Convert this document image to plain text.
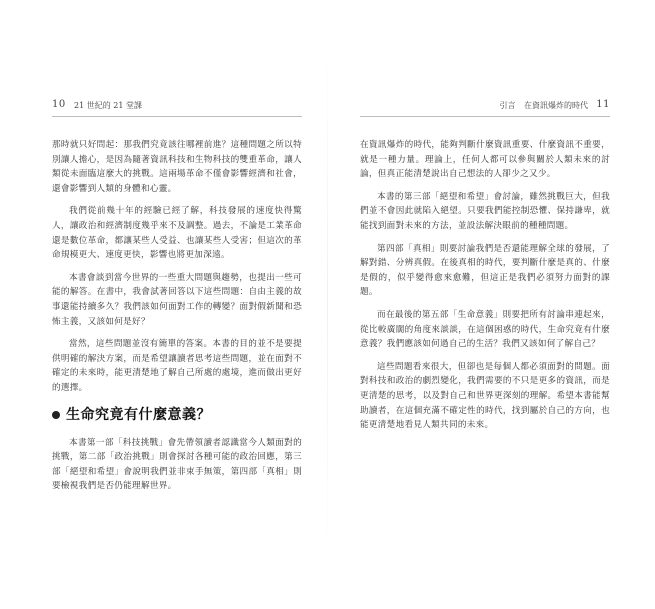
10 21 世紀的 21 堂課

那時就只好問起：那我們究竟該往哪裡前進？這種問題之所以特別讓人擔心，是因為隨著資訊科技和生物科技的雙重革命，讓人類從未面臨這麼大的挑戰。這兩場革命不僅會影響經濟和社會，還會影響到人類的身體和心靈。

我們從前幾十年的經驗已經了解，科技發展的速度快得驚人，讓政治和經濟制度幾乎來不及調整。過去，不論是工業革命還是數位革命，都讓某些人受益、也讓某些人受害；但這次的革命規模更大、速度更快，影響也將更加深遠。

本書會談到當今世界的一些重大問題與趨勢，也提出一些可能的解答。在書中，我會試著回答以下這些問題：自由主義的故事還能持續多久？我們該如何面對工作的轉變？面對假新聞和恐怖主義，又該如何是好？

當然，這些問題並沒有簡單的答案。本書的目的並不是要提供明確的解決方案，而是希望讓讀者思考這些問題，並在面對不確定的未來時，能更清楚地了解自己所處的處境，進而做出更好的選擇。

生命究竟有什麼意義？

本書第一部「科技挑戰」會先帶領讀者認識當今人類面對的挑戰，第二部「政治挑戰」則會探討各種可能的政治回應，第三部「絕望和希望」會說明我們並非束手無策，第四部「真相」則要檢視我們是否仍能理解世界。

引言 在資訊爆炸的時代 11

在資訊爆炸的時代，能夠判斷什麼資訊重要、什麼資訊不重要，就是一種力量。理論上，任何人都可以參與關於人類未來的討論，但真正能清楚說出自己想法的人卻少之又少。

本書的第三部「絕望和希望」會討論，雖然挑戰巨大，但我們並不會因此就陷入絕望。只要我們能控制恐懼、保持謙卑，就能找到面對未來的方法，並設法解決眼前的種種問題。

第四部「真相」則要討論我們是否還能理解全球的發展，了解對錯、分辨真假。在後真相的時代，要判斷什麼是真的、什麼是假的，似乎變得愈來愈難，但這正是我們必須努力面對的課題。

而在最後的第五部「生命意義」則要把所有討論串連起來，從比較廣闊的角度來談談，在這個困惑的時代，生命究竟有什麼意義？我們應該如何過自己的生活？我們又該如何了解自己？

這些問題看來很大，但卻也是每個人都必須面對的問題。面對科技和政治的劇烈變化，我們需要的不只是更多的資訊，而是更清楚的思考，以及對自己和世界更深刻的理解。希望本書能幫助讀者，在這個充滿不確定性的時代，找到屬於自己的方向，也能更清楚地看見人類共同的未來。
